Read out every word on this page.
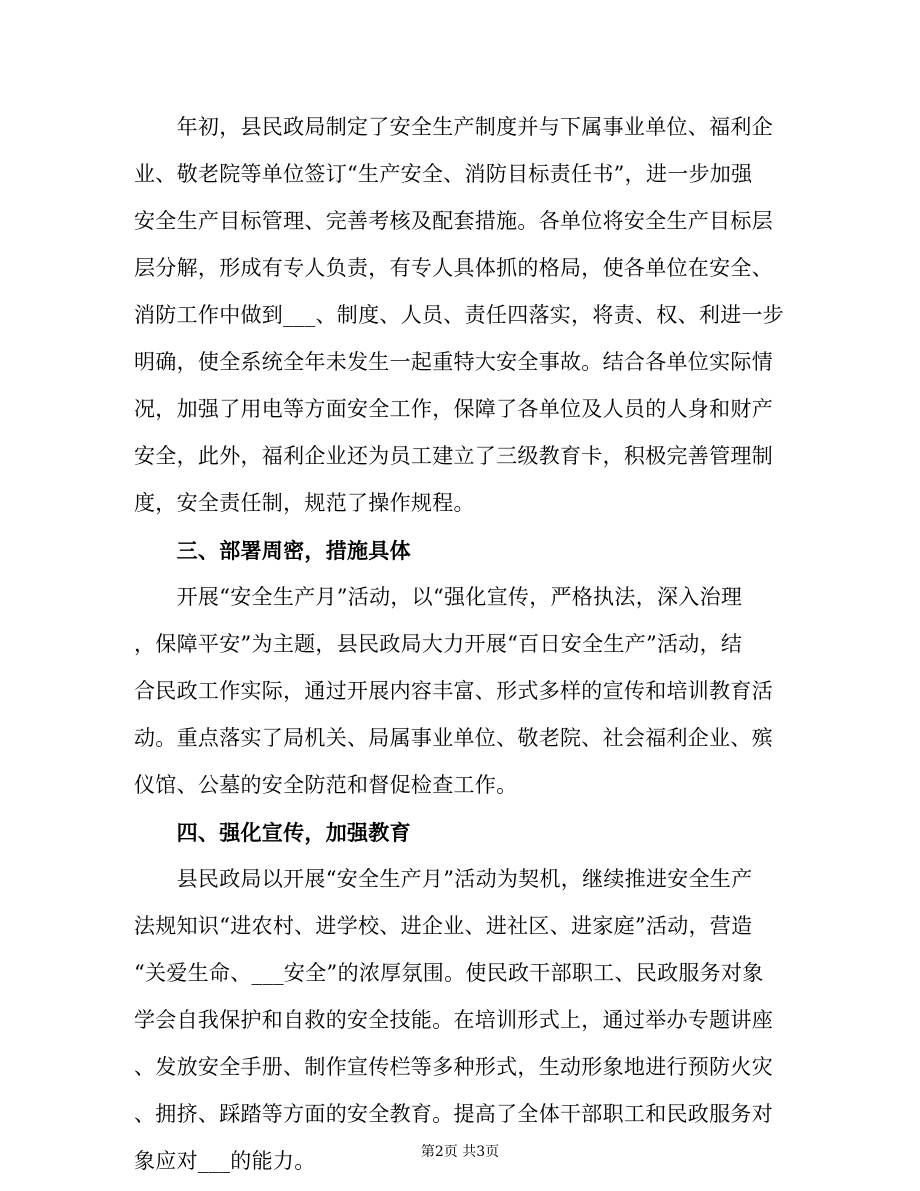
　　年初，县民政局制定了安全生产制度并与下属事业单位、福利企
业、敬老院等单位签订“生产安全、消防目标责任书”，进一步加强
安全生产目标管理、完善考核及配套措施。各单位将安全生产目标层
层分解，形成有专人负责，有专人具体抓的格局，使各单位在安全、
消防工作中做到___、制度、人员、责任四落实，将责、权、利进一步
明确，使全系统全年未发生一起重特大安全事故。结合各单位实际情
况，加强了用电等方面安全工作，保障了各单位及人员的人身和财产
安全，此外，福利企业还为员工建立了三级教育卡，积极完善管理制
度，安全责任制，规范了操作规程。
　　三、部署周密，措施具体
　　开展“安全生产月”活动，以“强化宣传，严格执法，深入治理
，保障平安”为主题，县民政局大力开展“百日安全生产”活动，结
合民政工作实际，通过开展内容丰富、形式多样的宣传和培训教育活
动。重点落实了局机关、局属事业单位、敬老院、社会福利企业、殡
仪馆、公墓的安全防范和督促检查工作。
　　四、强化宣传，加强教育
　　县民政局以开展“安全生产月”活动为契机，继续推进安全生产
法规知识“进农村、进学校、进企业、进社区、进家庭”活动，营造
“关爱生命、___安全”的浓厚氛围。使民政干部职工、民政服务对象
学会自我保护和自救的安全技能。在培训形式上，通过举办专题讲座
、发放安全手册、制作宣传栏等多种形式，生动形象地进行预防火灾
、拥挤、踩踏等方面的安全教育。提高了全体干部职工和民政服务对
象应对___的能力。	第2页 共3页
